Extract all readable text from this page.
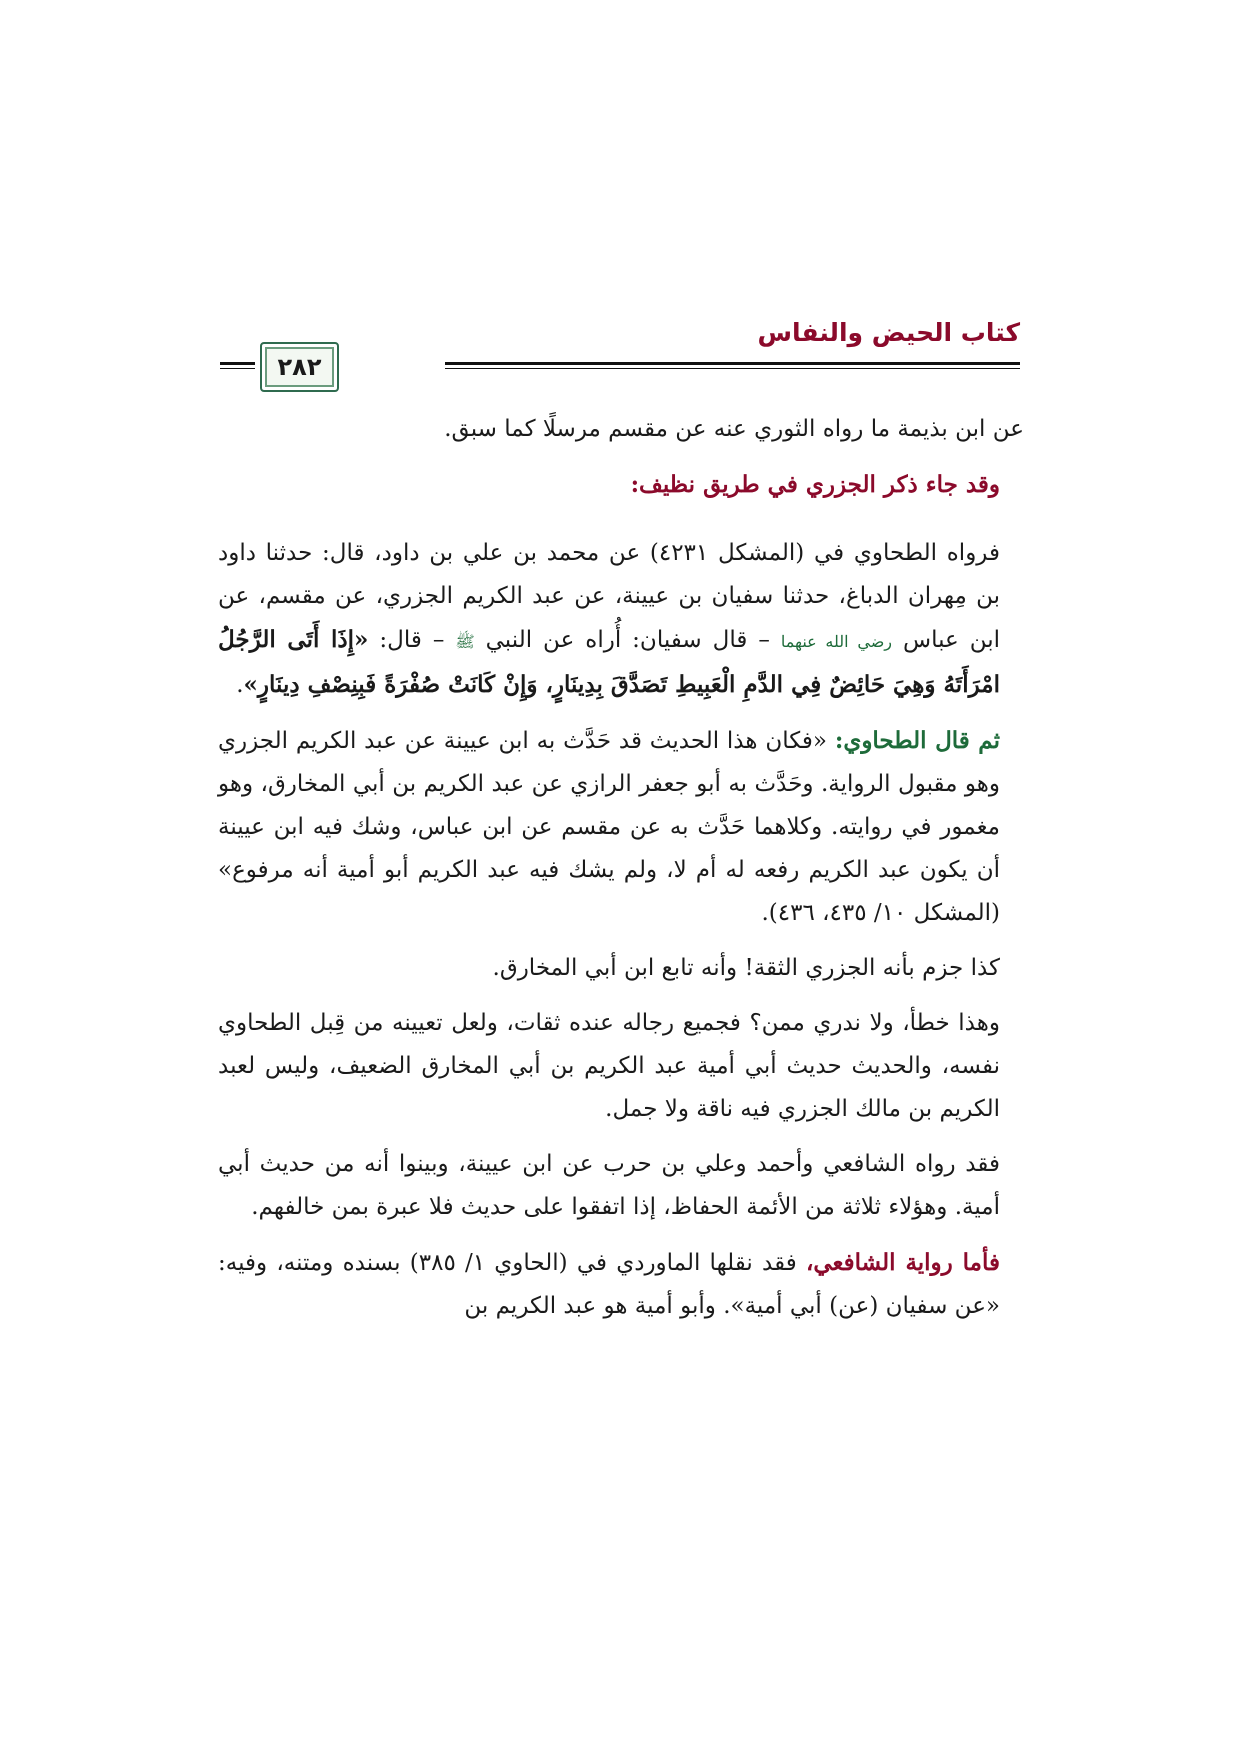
كتاب الحيض والنفاس
٢٨٢

عن ابن بذيمة ما رواه الثوري عنه عن مقسم مرسلًا كما سبق.

وقد جاء ذكر الجزري في طريق نظيف:

فرواه الطحاوي في (المشكل ٤٢٣١) عن محمد بن علي بن داود، قال: حدثنا داود بن مِهران الدباغ، حدثنا سفيان بن عيينة، عن عبد الكريم الجزري، عن مقسم، عن ابن عباس رضي الله عنهما – قال سفيان: أُراه عن النبي ﷺ – قال: «إِذَا أَتَى الرَّجُلُ امْرَأَتَهُ وَهِيَ حَائِضٌ فِي الدَّمِ الْعَبِيطِ تَصَدَّقَ بِدِينَارٍ، وَإِنْ كَانَتْ صُفْرَةً فَبِنِصْفِ دِينَارٍ».

ثم قال الطحاوي: «فكان هذا الحديث قد حَدَّث به ابن عيينة عن عبد الكريم الجزري وهو مقبول الرواية. وحَدَّث به أبو جعفر الرازي عن عبد الكريم بن أبي المخارق، وهو مغمور في روايته. وكلاهما حَدَّث به عن مقسم عن ابن عباس، وشك فيه ابن عيينة أن يكون عبد الكريم رفعه له أم لا، ولم يشك فيه عبد الكريم أبو أمية أنه مرفوع» (المشكل ١٠/ ٤٣٥، ٤٣٦).

كذا جزم بأنه الجزري الثقة! وأنه تابع ابن أبي المخارق.

وهذا خطأ، ولا ندري ممن؟ فجميع رجاله عنده ثقات، ولعل تعيينه من قِبل الطحاوي نفسه، والحديث حديث أبي أمية عبد الكريم بن أبي المخارق الضعيف، وليس لعبد الكريم بن مالك الجزري فيه ناقة ولا جمل.

فقد رواه الشافعي وأحمد وعلي بن حرب عن ابن عيينة، وبينوا أنه من حديث أبي أمية. وهؤلاء ثلاثة من الأئمة الحفاظ، إذا اتفقوا على حديث فلا عبرة بمن خالفهم.

فأما رواية الشافعي، فقد نقلها الماوردي في (الحاوي ١/ ٣٨٥) بسنده ومتنه، وفيه: «عن سفيان (عن) أبي أمية». وأبو أمية هو عبد الكريم بن
